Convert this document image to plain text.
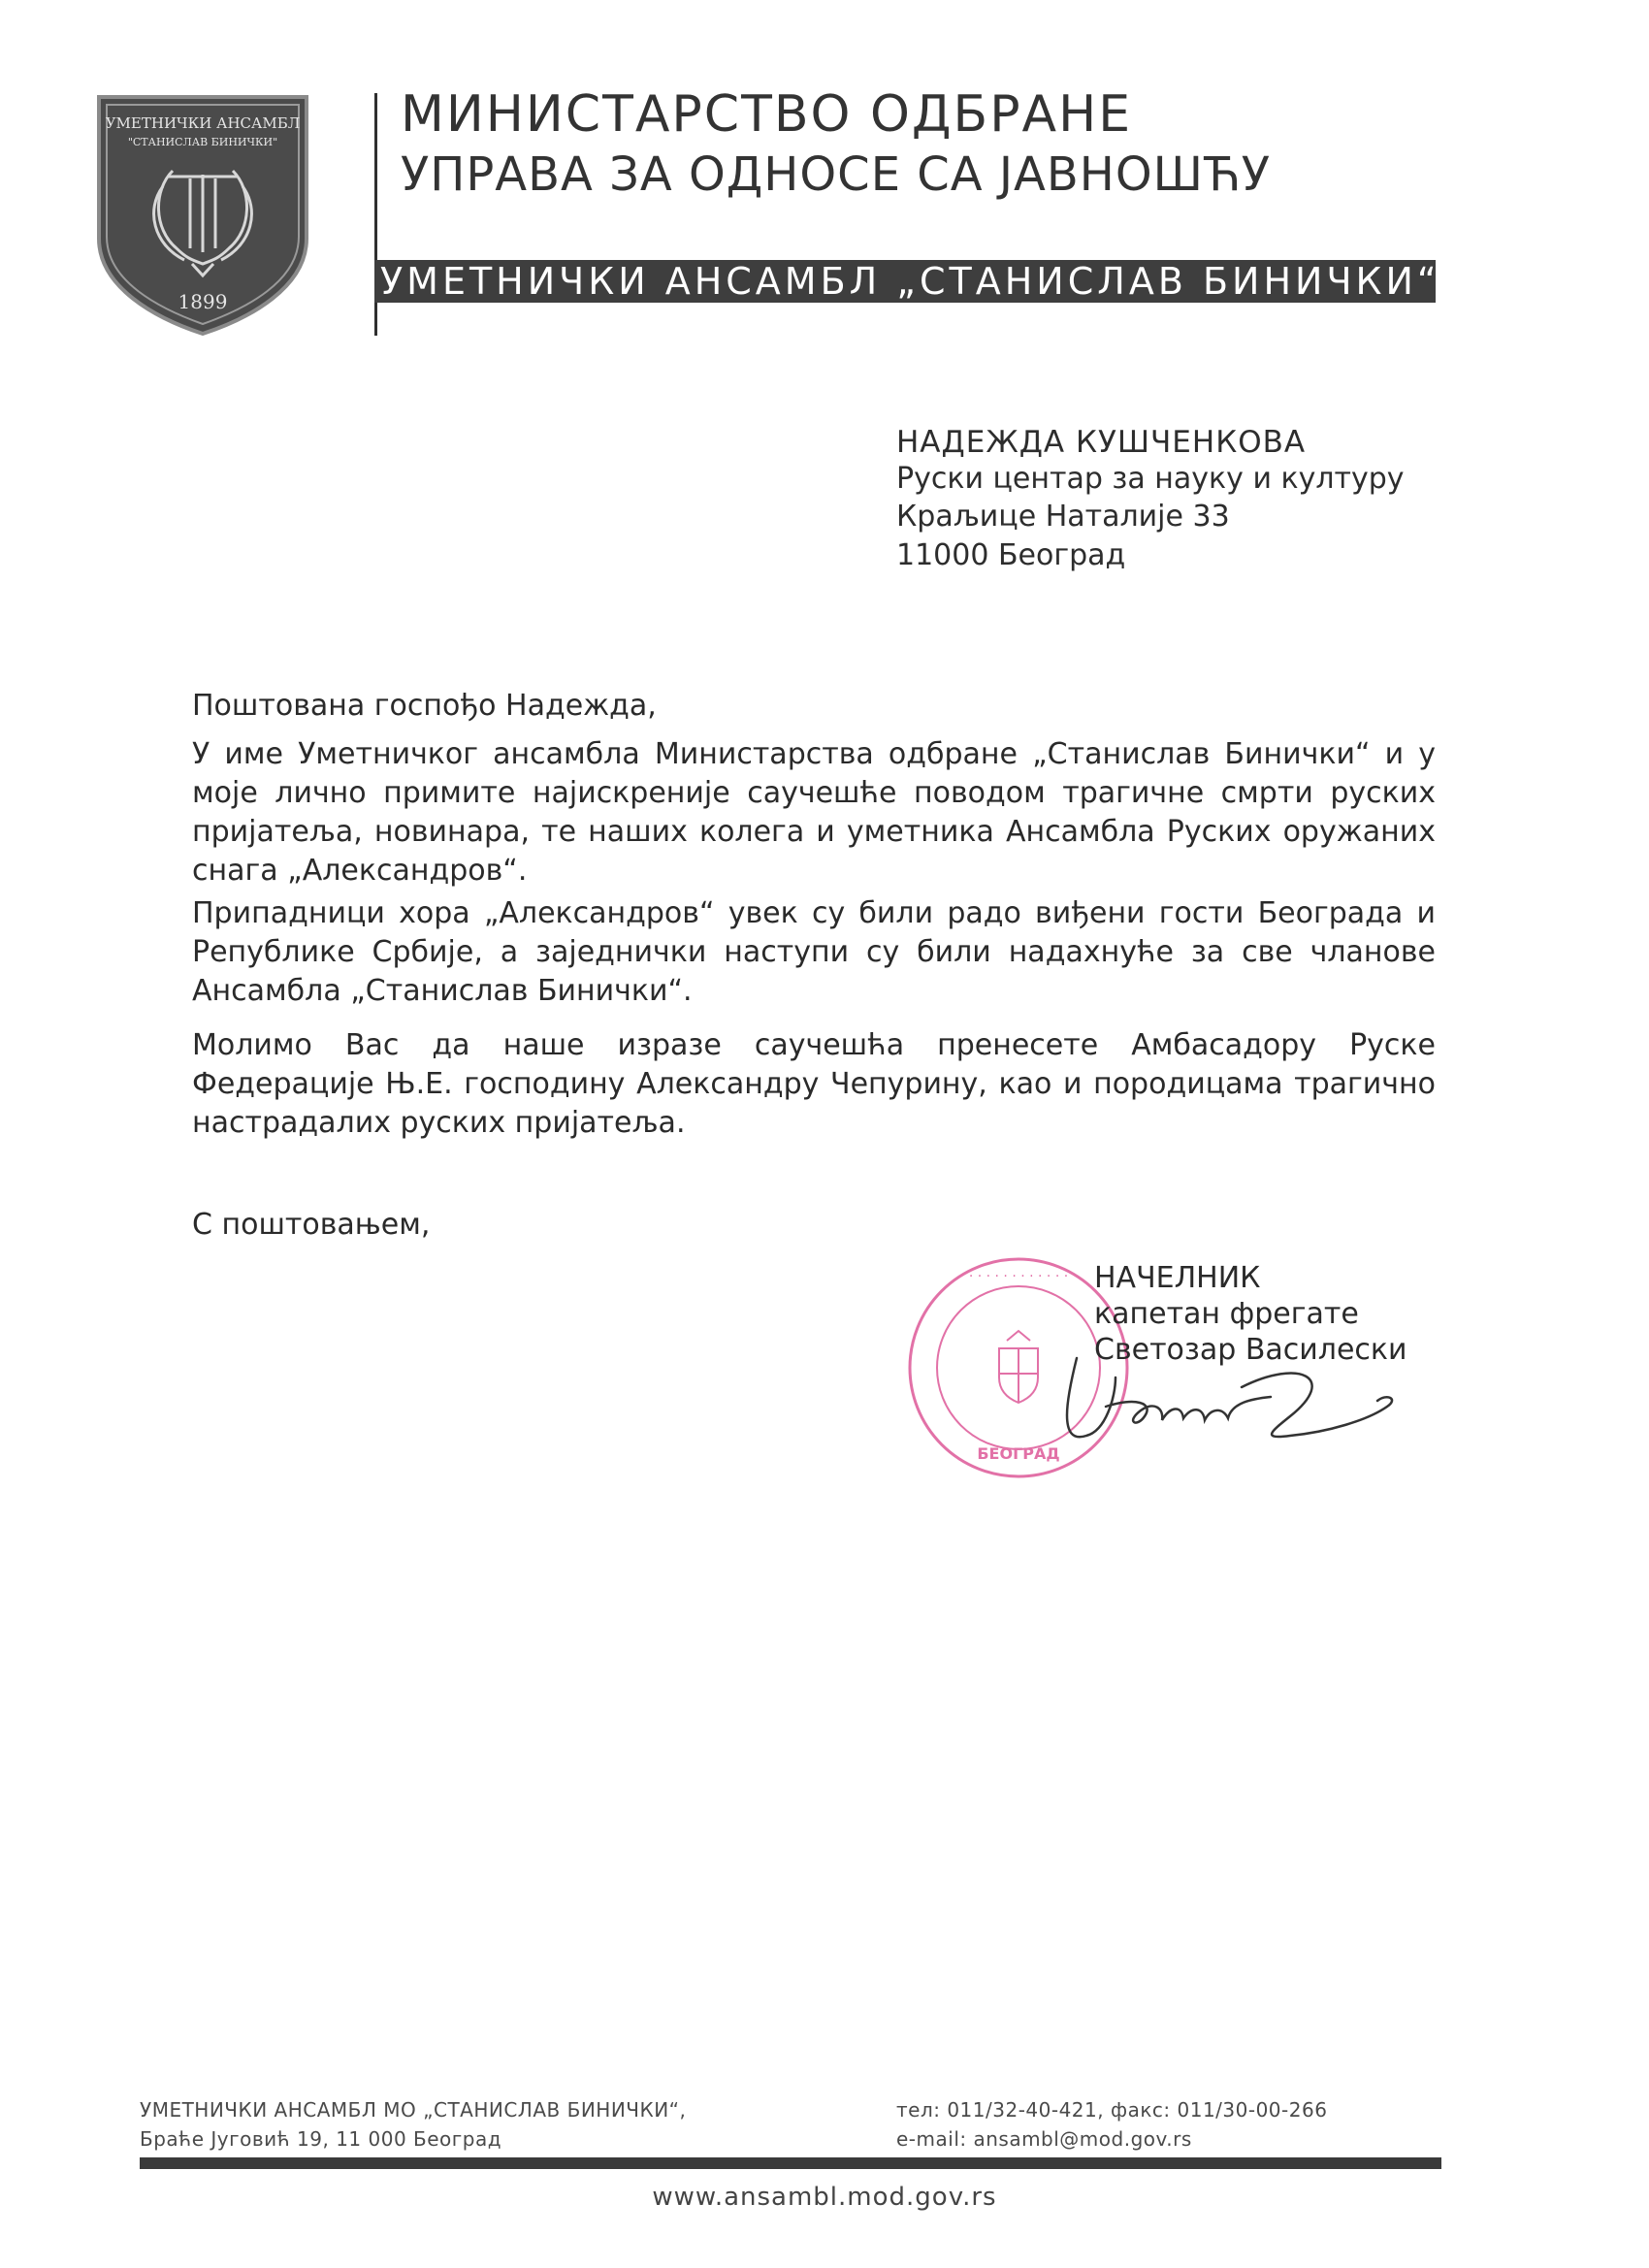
УМЕТНИЧКИ АНСАМБЛ
"СТАНИСЛАВ БИНИЧКИ"
1899
МИНИСТАРСТВО ОДБРАНЕ
УПРАВА ЗА ОДНОСЕ СА ЈАВНОШЋУ
УМЕТНИЧКИ АНСАМБЛ „СТАНИСЛАВ БИНИЧКИ“
НАДЕЖДА КУШЧЕНКОВА
Руски центар за науку и културу
Краљице Наталије 33
11000 Београд
Поштована госпођо Надежда,
У име Уметничког ансамбла Министарства одбране „Станислав Бинички“ и у моје лично примите најискреније саучешће поводом трагичне смрти руских пријатеља, новинара, те наших колега и уметника Ансамбла Руских оружаних снага „Александров“.
Припадници хора „Александров“ увек су били радо виђени гости Београда и Републике Србије, а заједнички наступи су били надахнуће за све чланове Ансамбла „Станислав Бинички“.
Молимо Вас да наше изразе саучешћа пренесете Амбасадору Руске Федерације Њ.Е. господину Александру Чепурину, као и породицама трагично настрадалих руских пријатеља.
С поштовањем,
· · · · · · · · · · · ·
БЕОГРАД
НАЧЕЛНИК
капетан фрегате
Светозар Василески
УМЕТНИЧКИ АНСАМБЛ МО „СТАНИСЛАВ БИНИЧКИ“,
Браће Југовић 19, 11 000 Београд
тел: 011/32-40-421, факс: 011/30-00-266
e-mail: ansambl@mod.gov.rs
www.ansambl.mod.gov.rs
